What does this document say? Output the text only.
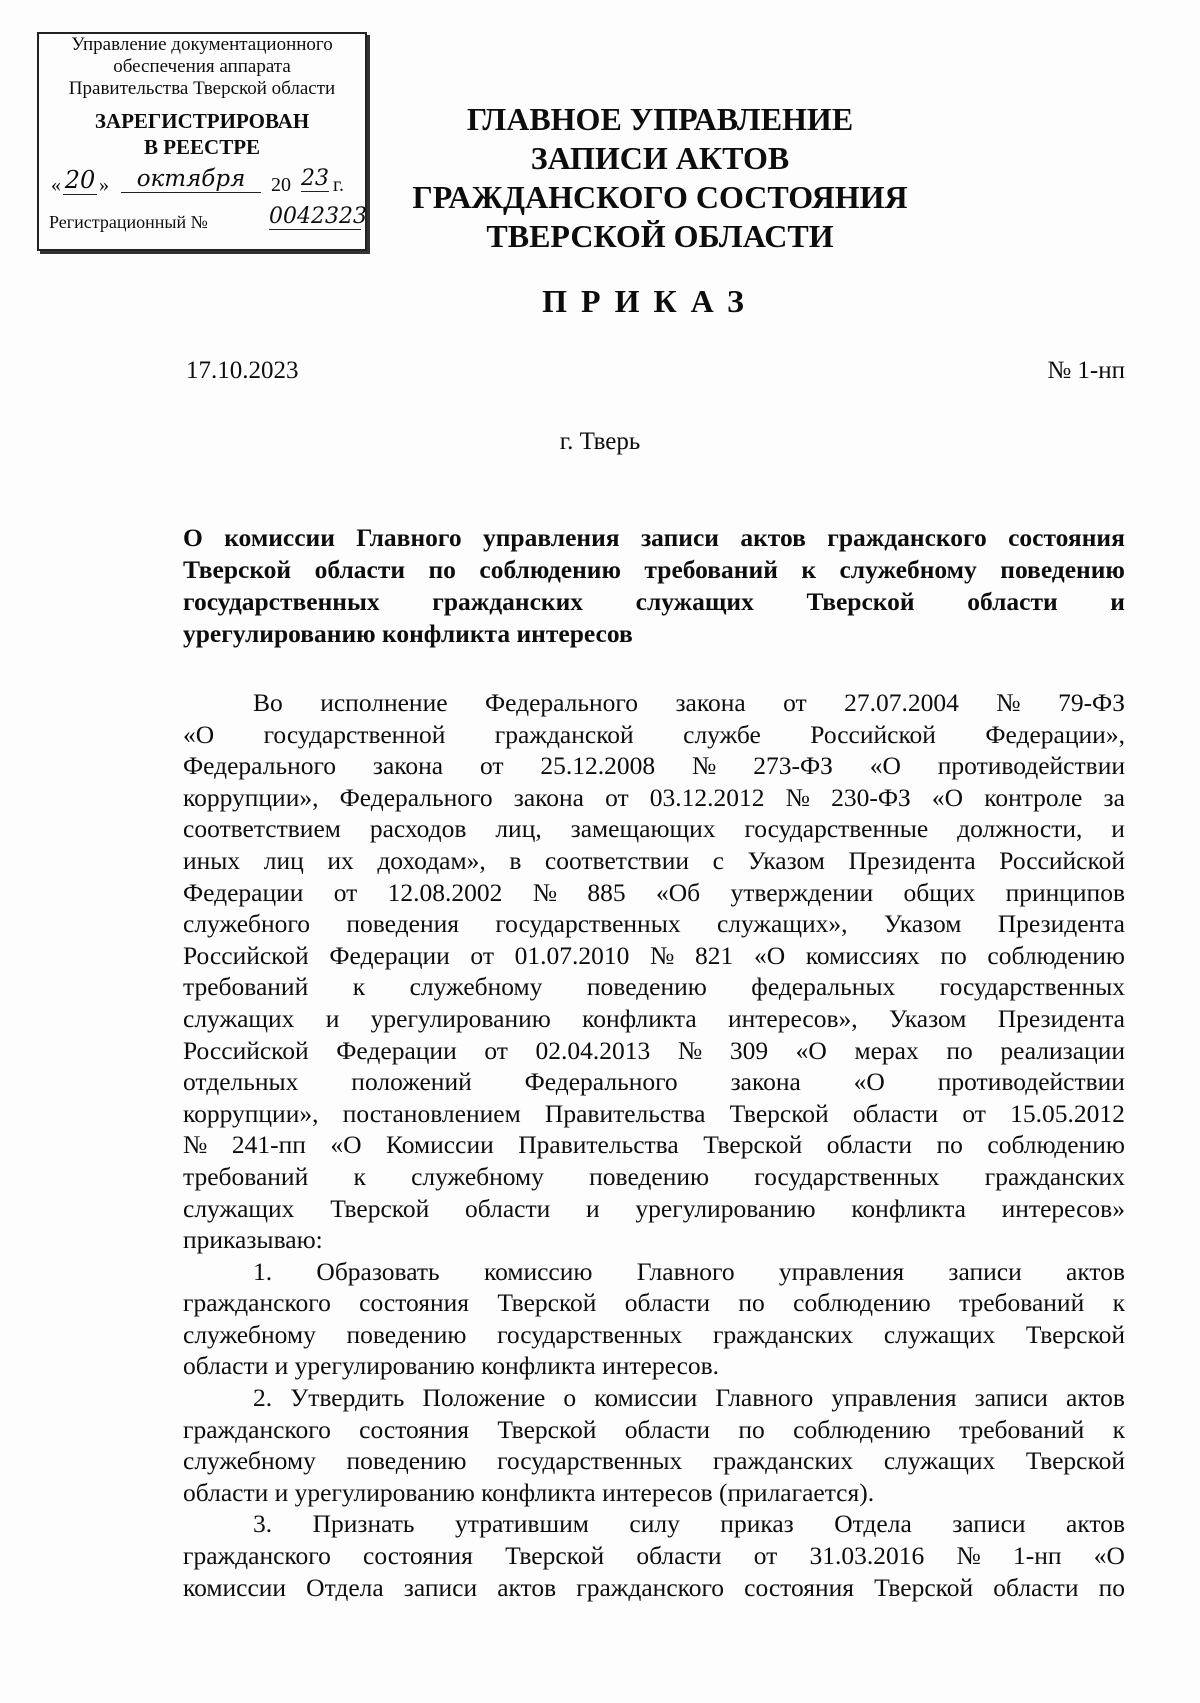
Управление документационного
обеспечения аппарата
Правительства Тверской области
ЗАРЕГИСТРИРОВАН
В РЕЕСТРЕ
« 20 »	октября	20 23 г.
Регистрационный №	0042323
ГЛАВНОЕ УПРАВЛЕНИЕ
ЗАПИСИ АКТОВ
ГРАЖДАНСКОГО СОСТОЯНИЯ
ТВЕРСКОЙ ОБЛАСТИ
ПРИКАЗ
17.10.2023	№ 1-нп
г. Тверь
О комиссии Главного управления записи актов гражданского состояния
Тверской области по соблюдению требований к служебному поведению
государственных гражданских служащих Тверской области и
урегулированию конфликта интересов
Во исполнение Федерального закона от 27.07.2004 № 79-ФЗ
«О государственной гражданской службе Российской Федерации»,
Федерального закона от 25.12.2008 № 273-ФЗ «О противодействии
коррупции», Федерального закона от 03.12.2012 № 230-ФЗ «О контроле за
соответствием расходов лиц, замещающих государственные должности, и
иных лиц их доходам», в соответствии с Указом Президента Российской
Федерации от 12.08.2002 № 885 «Об утверждении общих принципов
служебного поведения государственных служащих», Указом Президента
Российской Федерации от 01.07.2010 № 821 «О комиссиях по соблюдению
требований к служебному поведению федеральных государственных
служащих и урегулированию конфликта интересов», Указом Президента
Российской Федерации от 02.04.2013 № 309 «О мерах по реализации
отдельных положений Федерального закона «О противодействии
коррупции», постановлением Правительства Тверской области от 15.05.2012
№ 241-пп «О Комиссии Правительства Тверской области по соблюдению
требований к служебному поведению государственных гражданских
служащих Тверской области и урегулированию конфликта интересов»
приказываю:
1. Образовать комиссию Главного управления записи актов
гражданского состояния Тверской области по соблюдению требований к
служебному поведению государственных гражданских служащих Тверской
области и урегулированию конфликта интересов.
2. Утвердить Положение о комиссии Главного управления записи актов
гражданского состояния Тверской области по соблюдению требований к
служебному поведению государственных гражданских служащих Тверской
области и урегулированию конфликта интересов (прилагается).
3. Признать утратившим силу приказ Отдела записи актов
гражданского состояния Тверской области от 31.03.2016 № 1-нп «О
комиссии Отдела записи актов гражданского состояния Тверской области по
